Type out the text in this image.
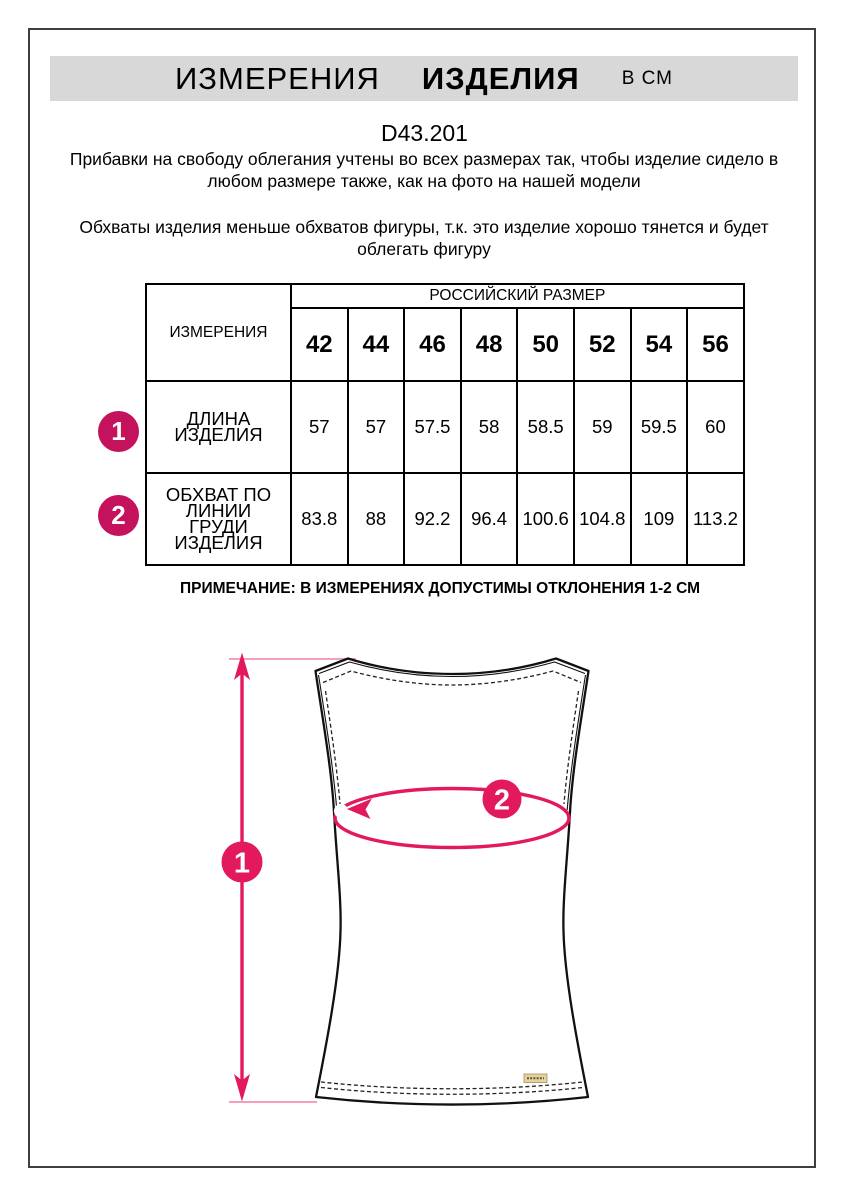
ИЗМЕРЕНИЯ ИЗДЕЛИЯ В СМ
D43.201
Прибавки на свободу облегания учтены во всех размерах так, чтобы изделие сидело в любом размере также, как на фото на нашей модели
Обхваты изделия меньше обхватов фигуры, т.к. это изделие хорошо тянется и будет облегать фигуру
ИЗМЕРЕНИЯ	РОССИЙСКИЙ РАЗМЕР							
	42	44	46	48	50	52	54	56
ДЛИНА ИЗДЕЛИЯ	57	57	57.5	58	58.5	59	59.5	60
ОБХВАТ ПО ЛИНИИ ГРУДИ ИЗДЕЛИЯ	83.8	88	92.2	96.4	100.6	104.8	109	113.2
1
2
ПРИМЕЧАНИЕ: В ИЗМЕРЕНИЯХ ДОПУСТИМЫ ОТКЛОНЕНИЯ 1-2 СМ
1
2
